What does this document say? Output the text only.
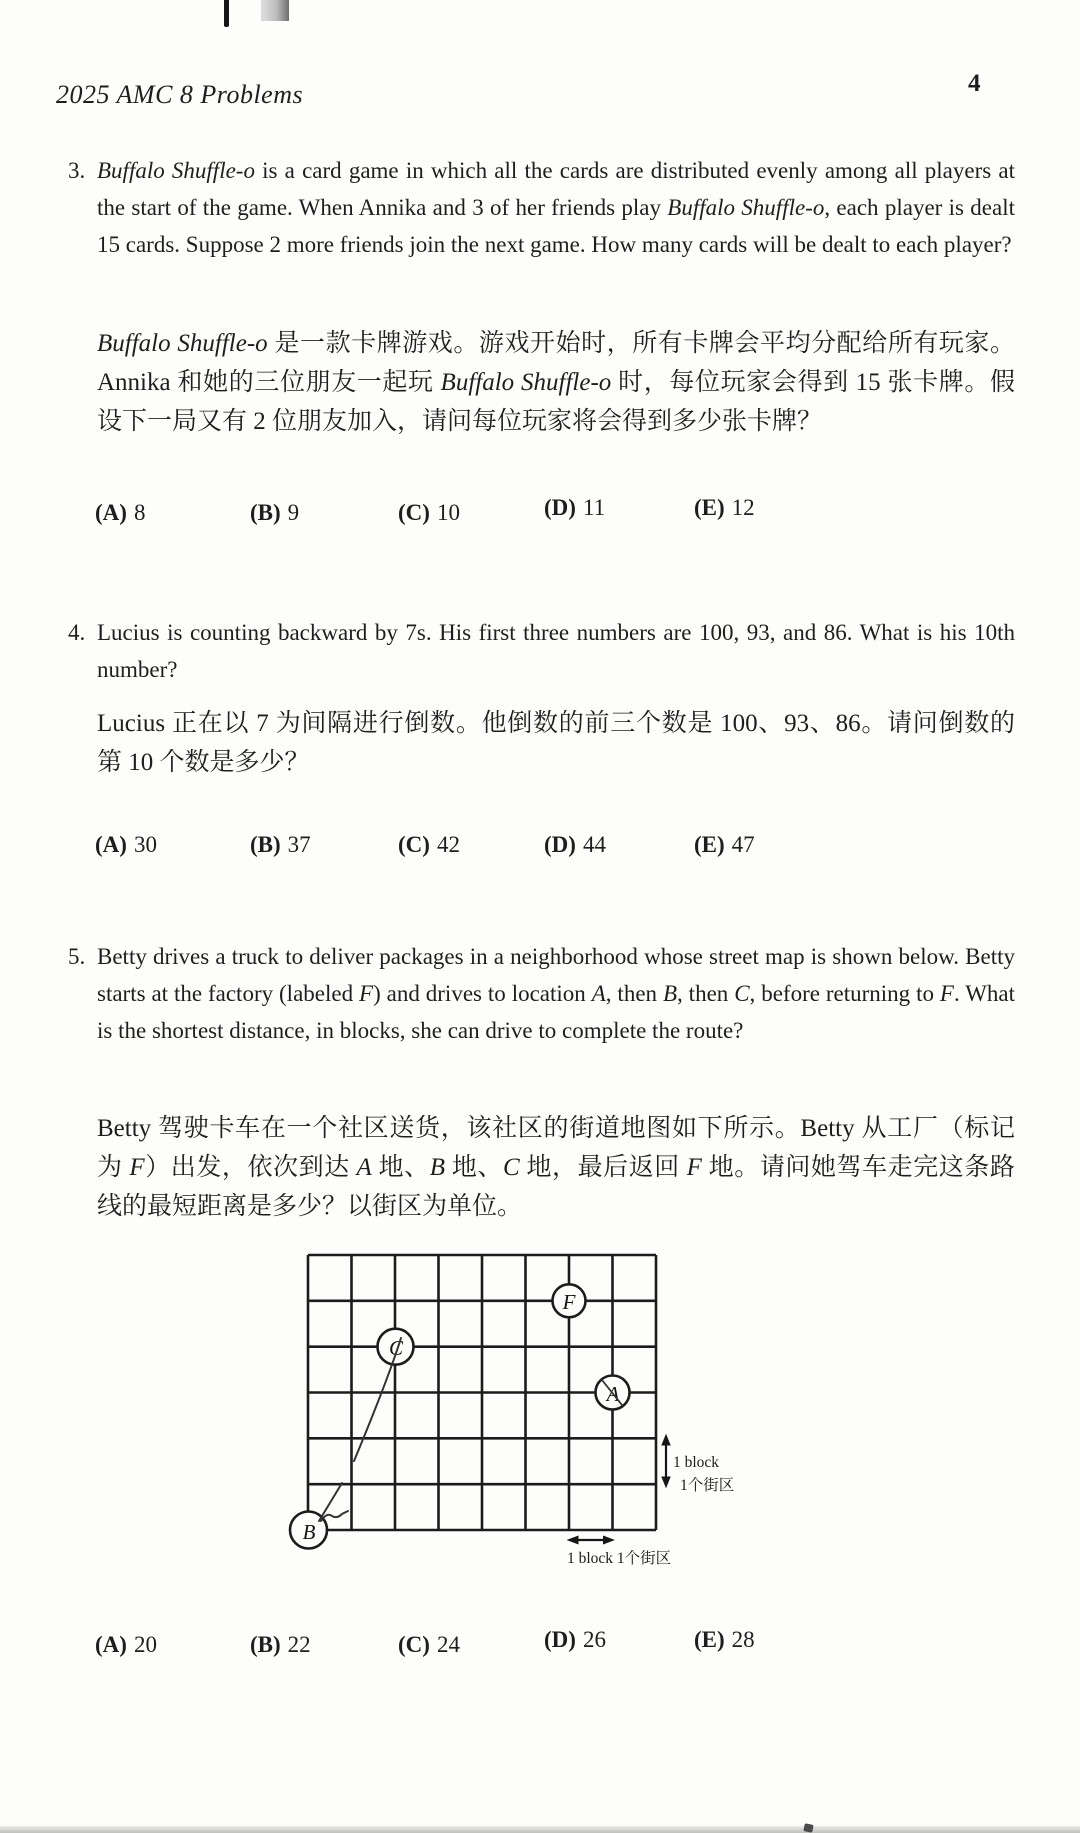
2025 AMC 8 Problems	4
3. Buffalo Shuffle-o is a card game in which all the cards are distributed evenly among all players at the start of the game. When Annika and 3 of her friends play Buffalo Shuffle-o, each player is dealt 15 cards. Suppose 2 more friends join the next game. How many cards will be dealt to each player?
Buffalo Shuffle-o 是一款卡牌游戏。游戏开始时，所有卡牌会平均分配给所有玩家。Annika 和她的三位朋友一起玩 Buffalo Shuffle-o 时，每位玩家会得到 15 张卡牌。假设下一局又有 2 位朋友加入，请问每位玩家将会得到多少张卡牌？
(A) 8	(B) 9	(C) 10	(D) 11	(E) 12
4. Lucius is counting backward by 7s. His first three numbers are 100, 93, and 86. What is his 10th number?
Lucius 正在以 7 为间隔进行倒数。他倒数的前三个数是 100、93、86。请问倒数的第 10 个数是多少？
(A) 30	(B) 37	(C) 42	(D) 44	(E) 47
5. Betty drives a truck to deliver packages in a neighborhood whose street map is shown below. Betty starts at the factory (labeled F) and drives to location A, then B, then C, before returning to F. What is the shortest distance, in blocks, she can drive to complete the route?
Betty 驾驶卡车在一个社区送货，该社区的街道地图如下所示。Betty 从工厂（标记为 F）出发，依次到达 A 地、B 地、C 地，最后返回 F 地。请问她驾车走完这条路线的最短距离是多少？以街区为单位。
F
C
A
B
1 block
1个街区
1 block 1个街区
(A) 20	(B) 22	(C) 24	(D) 26	(E) 28
